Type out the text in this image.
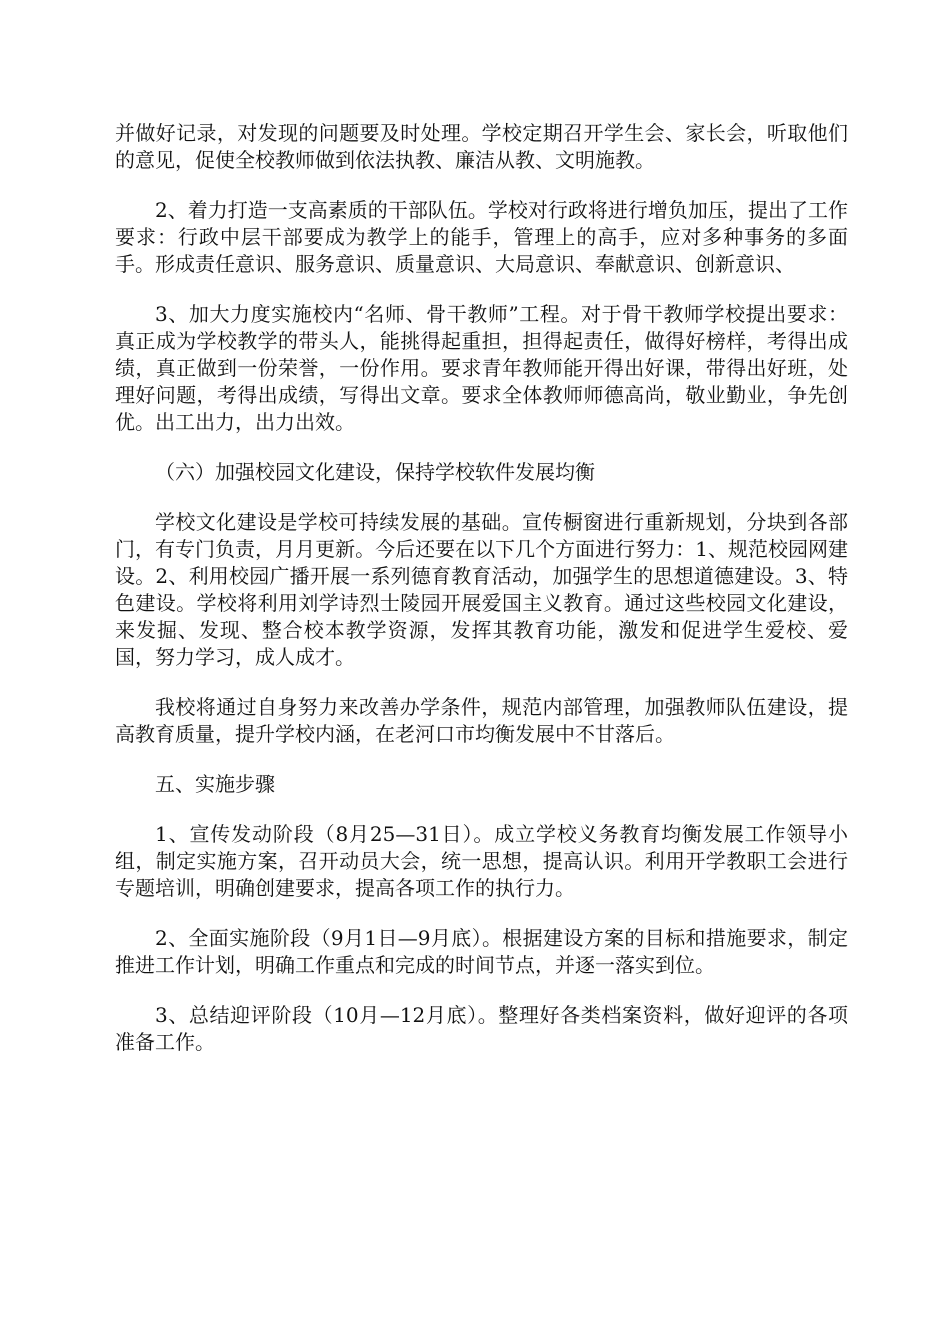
并做好记录，对发现的问题要及时处理。学校定期召开学生会、家长会，听取他们的意见，促使全校教师做到依法执教、廉洁从教、文明施教。

2、着力打造一支高素质的干部队伍。学校对行政将进行增负加压，提出了工作要求：行政中层干部要成为教学上的能手，管理上的高手，应对多种事务的多面手。形成责任意识、服务意识、质量意识、大局意识、奉献意识、创新意识、

3、加大力度实施校内“名师、骨干教师”工程。对于骨干教师学校提出要求：真正成为学校教学的带头人，能挑得起重担，担得起责任，做得好榜样，考得出成绩，真正做到一份荣誉，一份作用。要求青年教师能开得出好课，带得出好班，处理好问题，考得出成绩，写得出文章。要求全体教师师德高尚，敬业勤业，争先创优。出工出力，出力出效。

（六）加强校园文化建设，保持学校软件发展均衡

学校文化建设是学校可持续发展的基础。宣传橱窗进行重新规划，分块到各部门，有专门负责，月月更新。今后还要在以下几个方面进行努力：1、规范校园网建设。2、利用校园广播开展一系列德育教育活动，加强学生的思想道德建设。3、特色建设。学校将利用刘学诗烈士陵园开展爱国主义教育。通过这些校园文化建设，来发掘、发现、整合校本教学资源，发挥其教育功能，激发和促进学生爱校、爱国，努力学习，成人成才。

我校将通过自身努力来改善办学条件，规范内部管理，加强教师队伍建设，提高教育质量，提升学校内涵，在老河口市均衡发展中不甘落后。

五、实施步骤

1、宣传发动阶段（8月25—31日）。成立学校义务教育均衡发展工作领导小组，制定实施方案，召开动员大会，统一思想，提高认识。利用开学教职工会进行专题培训，明确创建要求，提高各项工作的执行力。

2、全面实施阶段（9月1日—9月底）。根据建设方案的目标和措施要求，制定推进工作计划，明确工作重点和完成的时间节点，并逐一落实到位。

3、总结迎评阶段（10月—12月底）。整理好各类档案资料，做好迎评的各项准备工作。
